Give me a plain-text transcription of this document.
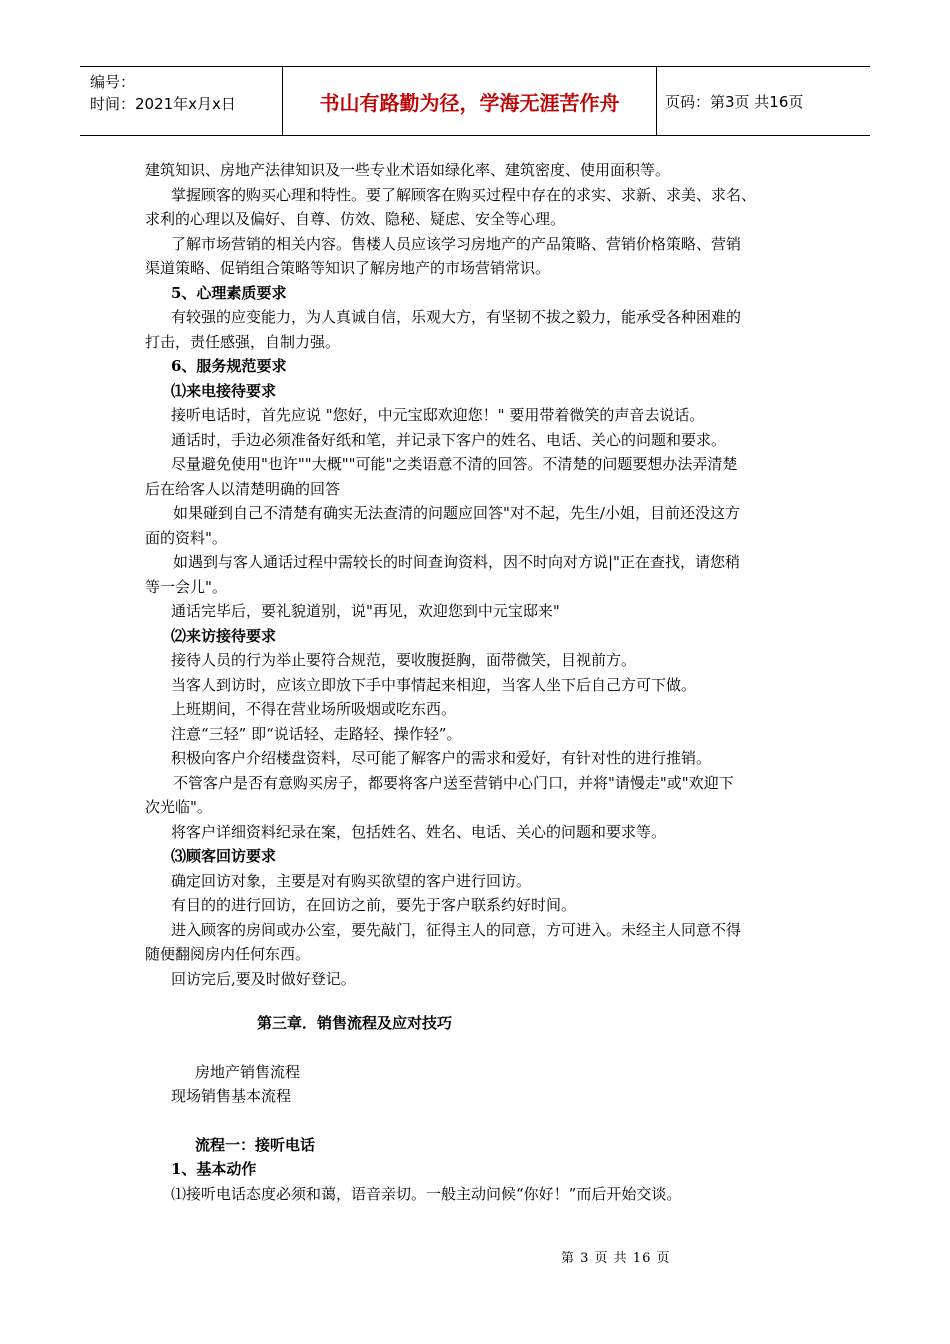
编号：
时间：2021年x月x日	书山有路勤为径，学海无涯苦作舟	页码：第3页 共16页

建筑知识、房地产法律知识及一些专业术语如绿化率、建筑密度、使用面积等。

掌握顾客的购买心理和特性。要了解顾客在购买过程中存在的求实、求新、求美、求名、

求利的心理以及偏好、自尊、仿效、隐秘、疑虑、安全等心理。

了解市场营销的相关内容。售楼人员应该学习房地产的产品策略、营销价格策略、营销

渠道策略、促销组合策略等知识了解房地产的市场营销常识。

5、心理素质要求

有较强的应变能力，为人真诚自信，乐观大方，有坚韧不拔之毅力，能承受各种困难的

打击，责任感强，自制力强。

6、服务规范要求

⑴来电接待要求

接听电话时，首先应说 "您好，中元宝邸欢迎您！" 要用带着微笑的声音去说话。

通话时，手边必须准备好纸和笔，并记录下客户的姓名、电话、关心的问题和要求。

尽量避免使用"也许""大概""可能"之类语意不清的回答。不清楚的问题要想办法弄清楚

后在给客人以清楚明确的回答

如果碰到自己不清楚有确实无法查清的问题应回答"对不起，先生/小姐，目前还没这方

面的资料"。

如遇到与客人通话过程中需较长的时间查询资料，因不时向对方说|"正在查找，请您稍

等一会儿"。

通话完毕后，要礼貌道别，说"再见，欢迎您到中元宝邸来"

⑵来访接待要求

接待人员的行为举止要符合规范，要收腹挺胸，面带微笑，目视前方。

当客人到访时，应该立即放下手中事情起来相迎，当客人坐下后自己方可下做。

上班期间，不得在营业场所吸烟或吃东西。

注意“三轻” 即“说话轻、走路轻、操作轻”。

积极向客户介绍楼盘资料，尽可能了解客户的需求和爱好，有针对性的进行推销。

不管客户是否有意购买房子，都要将客户送至营销中心门口，并将"请慢走"或"欢迎下

次光临"。

将客户详细资料纪录在案，包括姓名、姓名、电话、关心的问题和要求等。

⑶顾客回访要求

确定回访对象，主要是对有购买欲望的客户进行回访。

有目的的进行回访，在回访之前，要先于客户联系约好时间。

进入顾客的房间或办公室，要先敲门，征得主人的同意，方可进入。未经主人同意不得

随便翻阅房内任何东西。

回访完后,要及时做好登记。

第三章．销售流程及应对技巧

房地产销售流程

现场销售基本流程

流程一：接听电话

1、基本动作

⑴接听电话态度必须和蔼，语音亲切。一般主动问候“你好！”而后开始交谈。

第 3 页 共 16 页
